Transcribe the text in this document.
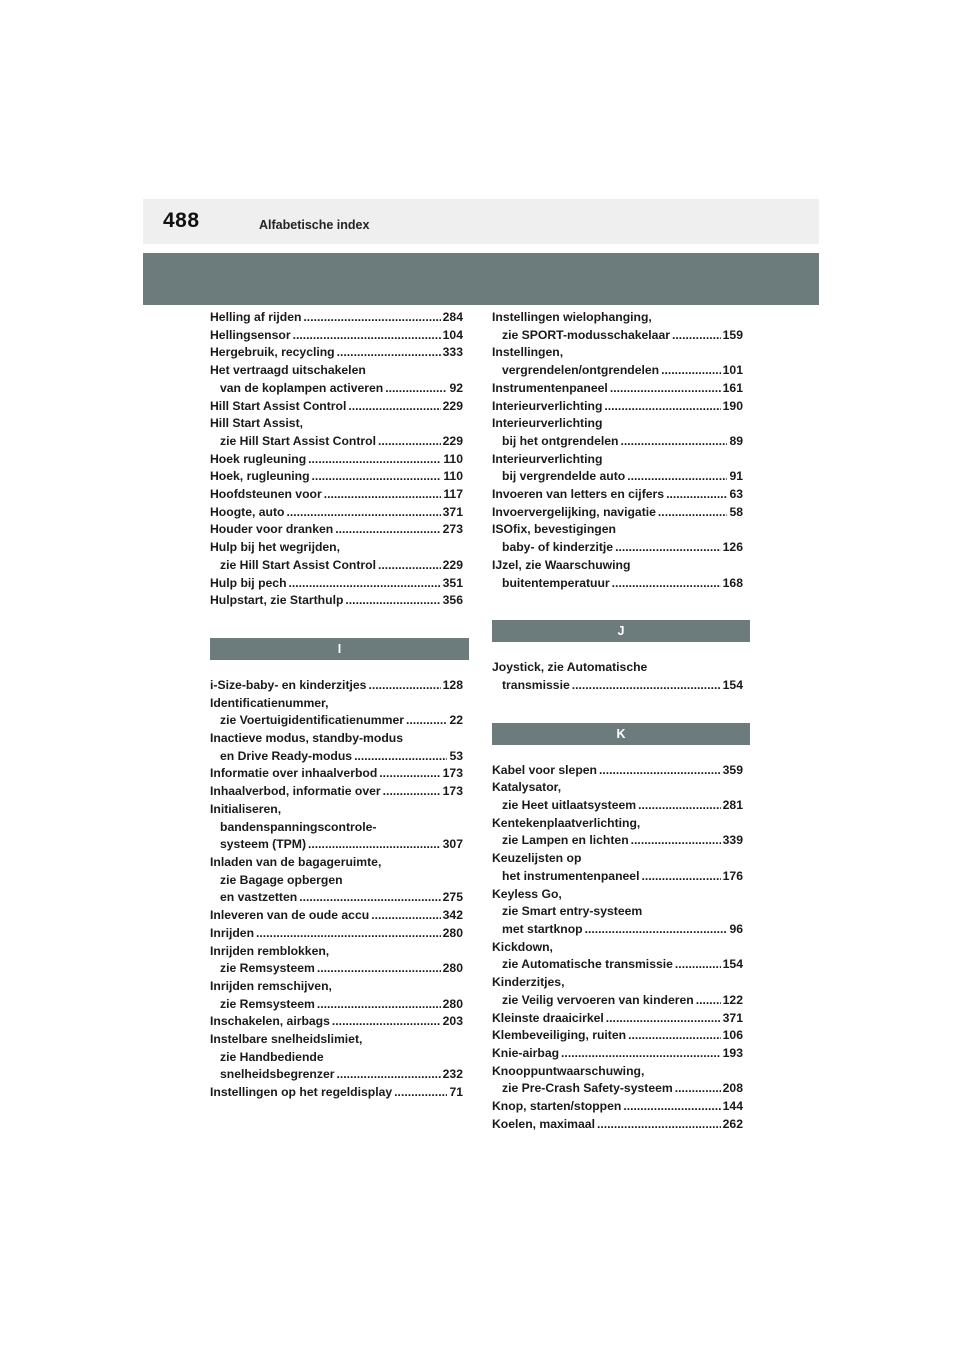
488	Alfabetische index
Helling af rijden .....	284
Hellingsensor .....	104
Hergebruik, recycling .....	333
Het vertraagd uitschakelen
van de koplampen activeren .....	92
Hill Start Assist Control .....	229
Hill Start Assist,
zie Hill Start Assist Control .....	229
Hoek rugleuning .....	110
Hoek, rugleuning .....	110
Hoofdsteunen voor .....	117
Hoogte, auto .....	371
Houder voor dranken .....	273
Hulp bij het wegrijden,
zie Hill Start Assist Control .....	229
Hulp bij pech .....	351
Hulpstart, zie Starthulp .....	356
I
i-Size-baby- en kinderzitjes .....	128
Identificatienummer,
zie Voertuigidentificatienummer .....	22
Inactieve modus, standby-modus
en Drive Ready-modus .....	53
Informatie over inhaalverbod .....	173
Inhaalverbod, informatie over .....	173
Initialiseren,
bandenspanningscontrole-
systeem (TPM) .....	307
Inladen van de bagageruimte,
zie Bagage opbergen
en vastzetten .....	275
Inleveren van de oude accu .....	342
Inrijden .....	280
Inrijden remblokken,
zie Remsysteem .....	280
Inrijden remschijven,
zie Remsysteem .....	280
Inschakelen, airbags .....	203
Instelbare snelheidslimiet,
zie Handbediende
snelheidsbegrenzer .....	232
Instellingen op het regeldisplay .....	71
Instellingen wielophanging,
zie SPORT-modusschakelaar .....	159
Instellingen,
vergrendelen/ontgrendelen .....	101
Instrumentenpaneel .....	161
Interieurverlichting .....	190
Interieurverlichting
bij het ontgrendelen .....	89
Interieurverlichting
bij vergrendelde auto .....	91
Invoeren van letters en cijfers .....	63
Invoervergelijking, navigatie .....	58
ISOfix, bevestigingen
baby- of kinderzitje .....	126
IJzel, zie Waarschuwing
buitentemperatuur .....	168
J
Joystick, zie Automatische
transmissie .....	154
K
Kabel voor slepen .....	359
Katalysator,
zie Heet uitlaatsysteem .....	281
Kentekenplaatverlichting,
zie Lampen en lichten .....	339
Keuzelijsten op
het instrumentenpaneel .....	176
Keyless Go,
zie Smart entry-systeem
met startknop .....	96
Kickdown,
zie Automatische transmissie .....	154
Kinderzitjes,
zie Veilig vervoeren van kinderen ..... 122
Kleinste draaicirkel .....	371
Klembeveiliging, ruiten .....	106
Knie-airbag .....	193
Knooppuntwaarschuwing,
zie Pre-Crash Safety-systeem .....	208
Knop, starten/stoppen .....	144
Koelen, maximaal .....	262
